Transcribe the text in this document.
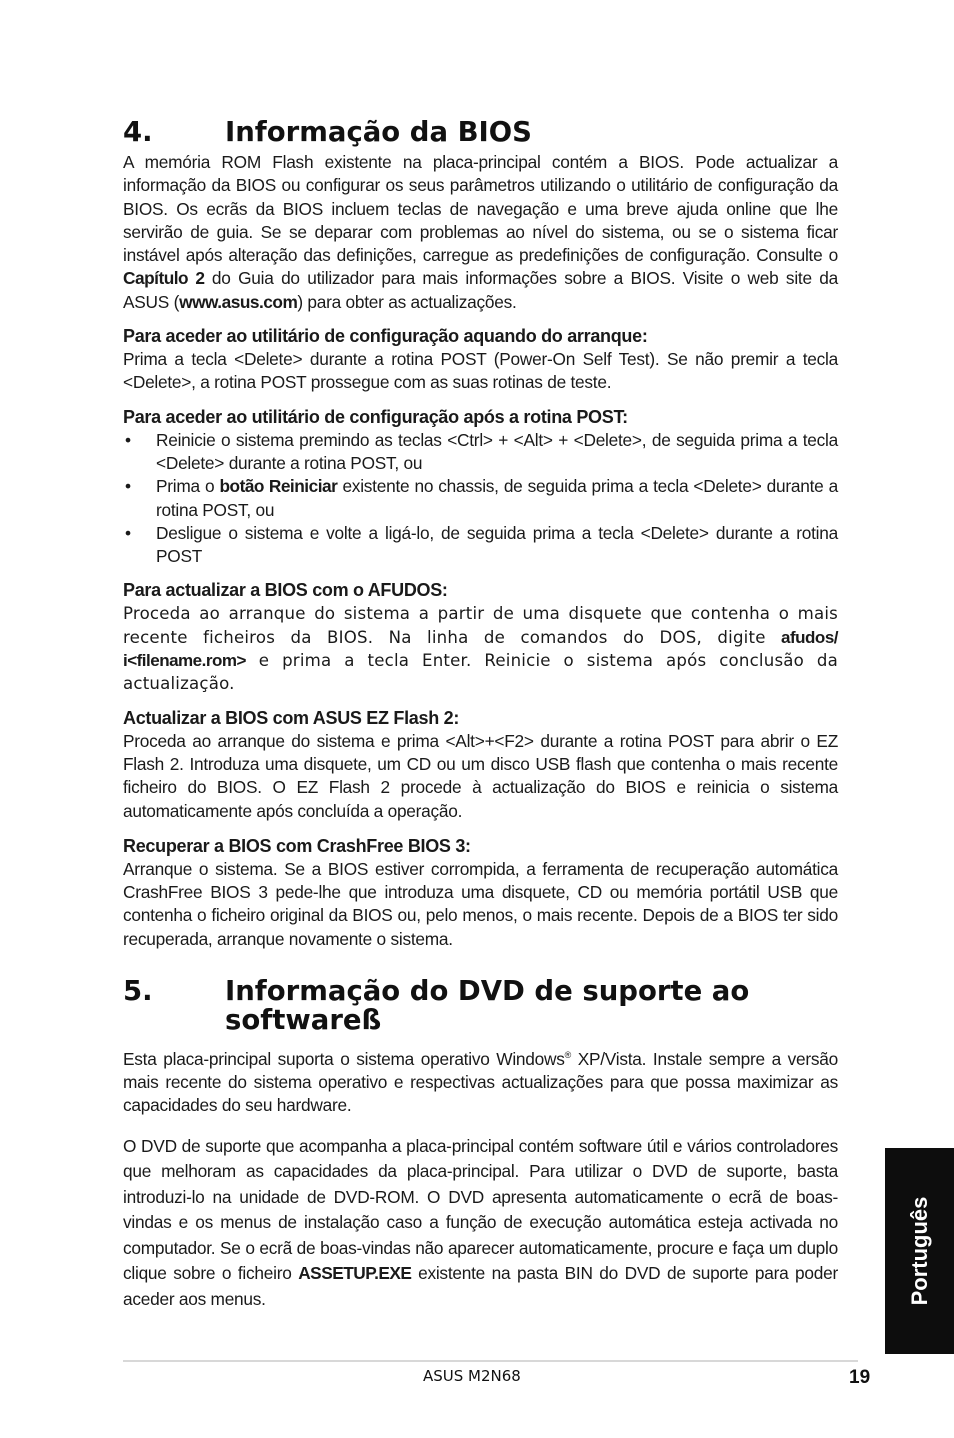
4.	Informação da BIOS

A memória ROM Flash existente na placa-principal contém a BIOS. Pode actualizar a informação da BIOS ou configurar os seus parâmetros utilizando o utilitário de configuração da BIOS. Os ecrãs da BIOS incluem teclas de navegação e uma breve ajuda online que lhe servirão de guia. Se se deparar com problemas ao nível do sistema, ou se o sistema ficar instável após alteração das definições, carregue as predefinições de configuração. Consulte o Capítulo 2 do Guia do utilizador para mais informações sobre a BIOS. Visite o web site da ASUS (www.asus.com) para obter as actualizações.

Para aceder ao utilitário de configuração aquando do arranque:

Prima a tecla <Delete> durante a rotina POST (Power-On Self Test). Se não premir a tecla <Delete>, a rotina POST prossegue com as suas rotinas de teste.

Para aceder ao utilitário de configuração após a rotina POST:
• Reinicie o sistema premindo as teclas <Ctrl> + <Alt> + <Delete>, de seguida prima a tecla <Delete> durante a rotina POST, ou
• Prima o botão Reiniciar existente no chassis, de seguida prima a tecla <Delete> durante a rotina POST, ou
• Desligue o sistema e volte a ligá-lo, de seguida prima a tecla <Delete> durante a rotina POST
Para actualizar a BIOS com o AFUDOS:

Proceda ao arranque do sistema a partir de uma disquete que contenha o mais recente ficheiros da BIOS. Na linha de comandos do DOS, digite afudos/ i<filename.rom> e prima a tecla Enter. Reinicie o sistema após conclusão da actualização.

Actualizar a BIOS com ASUS EZ Flash 2:

Proceda ao arranque do sistema e prima <Alt>+<F2> durante a rotina POST para abrir o EZ Flash 2. Introduza uma disquete, um CD ou um disco USB flash que contenha o mais recente ficheiro do BIOS. O EZ Flash 2 procede à actualização do BIOS e reinicia o sistema automaticamente após concluída a operação.

Recuperar a BIOS com CrashFree BIOS 3:

Arranque o sistema. Se a BIOS estiver corrompida, a ferramenta de recuperação automática CrashFree BIOS 3 pede-lhe que introduza uma disquete, CD ou memória portátil USB que contenha o ficheiro original da BIOS ou, pelo menos, o mais recente. Depois de a BIOS ter sido recuperada, arranque novamente o sistema.

5.	Informação do DVD de suporte ao softwareß

Esta placa-principal suporta o sistema operativo Windows® XP/Vista. Instale sempre a versão mais recente do sistema operativo e respectivas actualizações para que possa maximizar as capacidades do seu hardware.

O DVD de suporte que acompanha a placa-principal contém software útil e vários controladores que melhoram as capacidades da placa-principal. Para utilizar o DVD de suporte, basta introduzi-lo na unidade de DVD-ROM. O DVD apresenta automaticamente o ecrã de boas-vindas e os menus de instalação caso a função de execução automática esteja activada no computador. Se o ecrã de boas-vindas não aparecer automaticamente, procure e faça um duplo clique sobre o ficheiro ASSETUP.EXE existente na pasta BIN do DVD de suporte para poder aceder aos menus.

ASUS M2N68	19
Português
